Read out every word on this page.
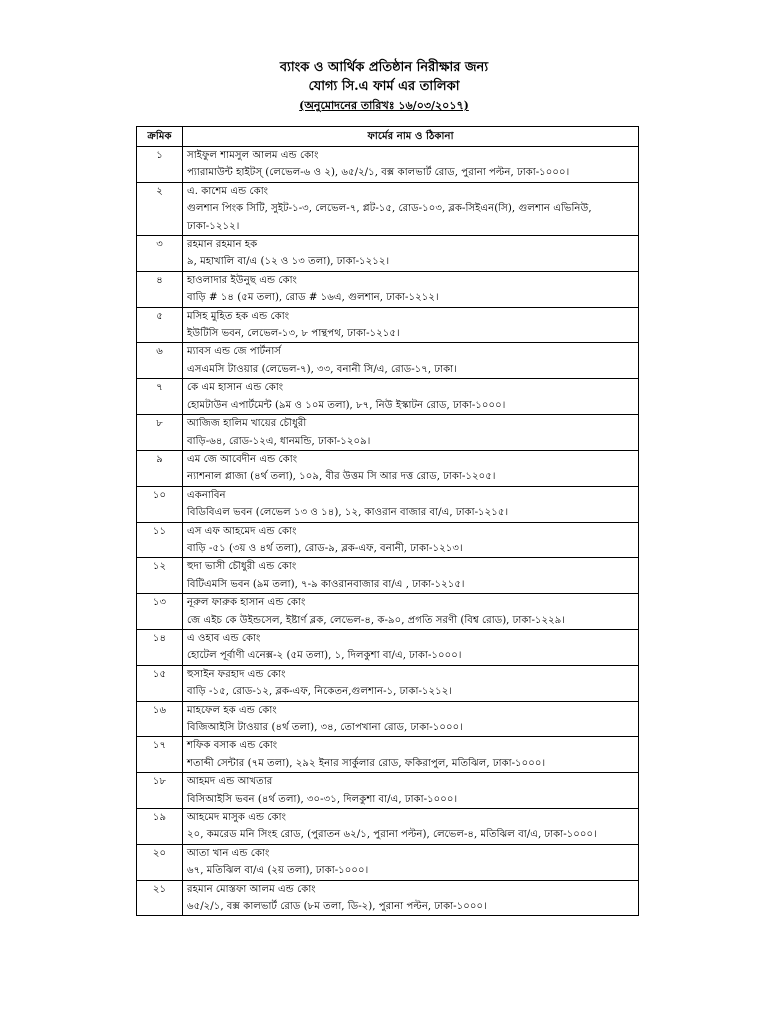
ব্যাংক ও আর্থিক প্রতিষ্ঠান নিরীক্ষার জন্য
যোগ্য সি.এ ফার্ম এর তালিকা
(অনুমোদনের তারিখঃ ১৬/০৩/২০১৭)
ক্রমিক	ফার্মের নাম ও ঠিকানা
১	সাইফুল শামসুল আলম এন্ড কোং
প্যারামাউন্ট হাইটস্ (লেভেল-৬ ও ২), ৬৫/২/১, বক্স কালভার্ট রোড, পুরানা পল্টন, ঢাকা-১০০০।

২	এ. কাশেম এন্ড কোং
গুলশান পিংক সিটি, সুইট-১-৩, লেভেল-৭, প্লট-১৫, রোড-১০৩, ব্লক-সিইএন(সি), গুলশান এভিনিউ, ঢাকা-১২১২।

৩	রহমান রহমান হক
৯, মহাখালি বা/এ (১২ ও ১৩ তলা), ঢাকা-১২১২।

৪	হাওলাদার ইউনুছ এন্ড কোং
বাড়ি # ১৪ (৫ম তলা), রোড # ১৬এ, গুলশান, ঢাকা-১২১২।

৫	মসিহ মুহিত হক এন্ড কোং
ইউটিসি ভবন, লেভেল-১৩, ৮ পান্থপথ, ঢাকা-১২১৫।

৬	ম্যাবস এন্ড জে পার্টনার্স
এসএমসি টাওয়ার (লেভেল-৭), ৩৩, বনানী সি/এ, রোড-১৭, ঢাকা।

৭	কে এম হাসান এন্ড কোং
হোমটাউন এপার্টমেন্ট (৯ম ও ১০ম তলা), ৮৭, নিউ ইস্কাটন রোড, ঢাকা-১০০০।

৮	আজিজ হালিম খায়ের চৌধুরী
বাড়ি-৬৪, রোড-১২এ, ধানমন্ডি, ঢাকা-১২০৯।

৯	এম জে আবেদীন এন্ড কোং
ন্যাশনাল প্লাজা (৪র্থ তলা), ১০৯, বীর উত্তম সি আর দত্ত রোড, ঢাকা-১২০৫।

১০	একনাবিন
বিডিবিএল ভবন (লেভেল ১৩ ও ১৪), ১২, কাওরান বাজার বা/এ, ঢাকা-১২১৫।

১১	এস এফ আহমেদ এন্ড কোং
বাড়ি -৫১ (৩য় ও ৪র্থ তলা), রোড-৯, ব্লক-এফ, বনানী, ঢাকা-১২১৩।

১২	হুদা ভাসী চৌধুরী এন্ড কোং
বিটিএমসি ভবন (৯ম তলা), ৭-৯ কাওরানবাজার বা/এ , ঢাকা-১২১৫।

১৩	নূরুল ফারুক হাসান এন্ড কোং
জে এইচ কে উইন্ডসেল, ইষ্টার্ণ ব্লক, লেভেল-৪, ক-৯০, প্রগতি সরণী (বিশ্ব রোড), ঢাকা-১২২৯।

১৪	এ ওহাব এন্ড কোং
হোটেল পূর্বাণী এনেক্স-২ (৫ম তলা), ১, দিলকুশা বা/এ, ঢাকা-১০০০।

১৫	হুসাইন ফরহাদ এন্ড কোং
বাড়ি -১৫, রোড-১২, ব্লক-এফ, নিকেতন,গুলশান-১, ঢাকা-১২১২।

১৬	মাহফেল হক এন্ড কোং
বিজিআইসি টাওয়ার (৪র্থ তলা), ৩৪, তোপখানা রোড, ঢাকা-১০০০।

১৭	শফিক বসাক এন্ড কোং
শতাব্দী সেন্টার (৭ম তলা), ২৯২ ইনার সার্কুলার রোড, ফকিরাপুল, মতিঝিল, ঢাকা-১০০০।

১৮	আহমদ এন্ড আখতার
বিসিআইসি ভবন (৪র্থ তলা), ৩০-৩১, দিলকুশা বা/এ, ঢাকা-১০০০।

১৯	আহমেদ মাসুক এন্ড কোং
২০, কমরেড মনি সিংহ রোড, (পুরাতন ৬২/১, পুরানা পল্টন), লেভেল-৪, মতিঝিল বা/এ, ঢাকা-১০০০।

২০	আতা খান এন্ড কোং
৬৭, মতিঝিল বা/এ (২য় তলা), ঢাকা-১০০০।

২১	রহমান মোস্তফা আলম এন্ড কোং
৬৫/২/১, বক্স কালভার্ট রোড (৮ম তলা, ডি-২), পুরানা পল্টন, ঢাকা-১০০০।
